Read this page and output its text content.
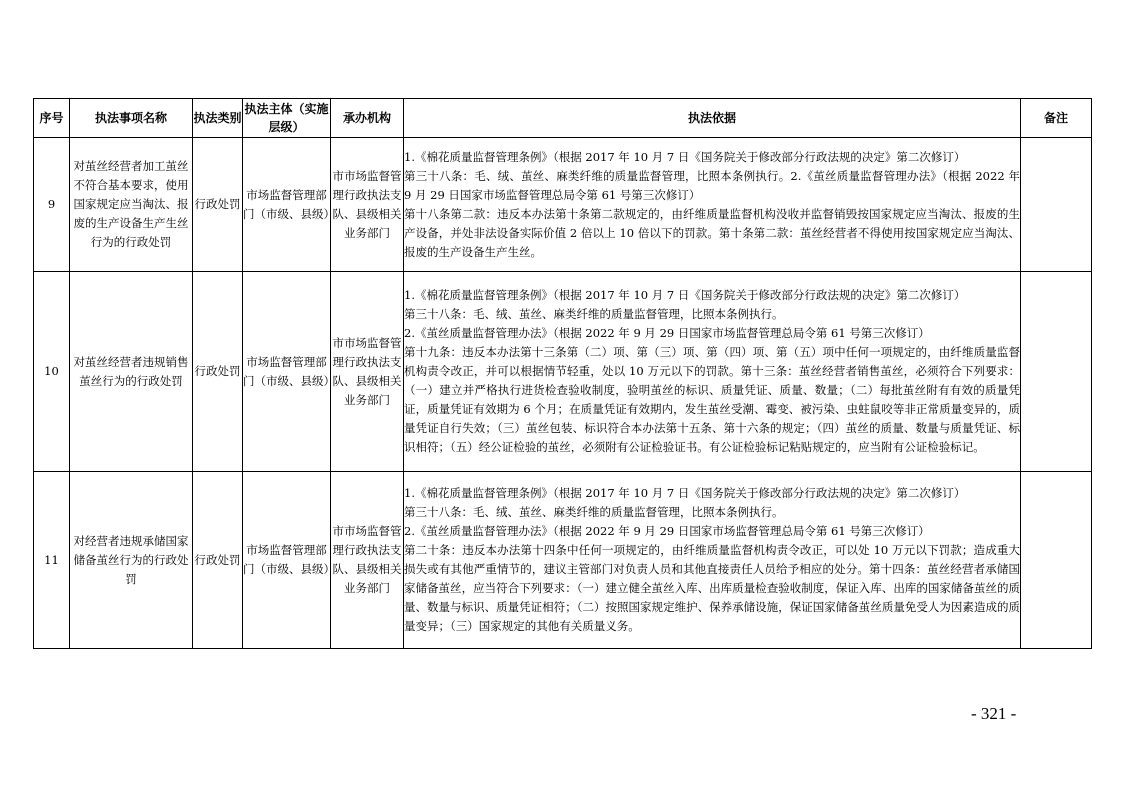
序号	执法事项名称	执法类别	执法主体（实施层级）	承办机构	执法依据	备注
9	对茧丝经营者加工茧丝不符合基本要求，使用国家规定应当淘汰、报废的生产设备生产生丝行为的行政处罚	行政处罚	市场监督管理部门（市级、县级）	市市场监督管理行政执法支队、县级相关业务部门	1.《棉花质量监督管理条例》（根据 2017 年 10 月 7 日《国务院关于修改部分行政法规的决定》第二次修订）
第三十八条：毛、绒、茧丝、麻类纤维的质量监督管理，比照本条例执行。2.《茧丝质量监督管理办法》（根据 2022 年 9 月 29 日国家市场监督管理总局令第 61 号第三次修订）
第十八条第二款：违反本办法第十条第二款规定的，由纤维质量监督机构没收并监督销毁按国家规定应当淘汰、报废的生产设备，并处非法设备实际价值 2 倍以上 10 倍以下的罚款。第十条第二款：茧丝经营者不得使用按国家规定应当淘汰、报废的生产设备生产生丝。	

10	对茧丝经营者违规销售茧丝行为的行政处罚	行政处罚	市场监督管理部门（市级、县级）	市市场监督管理行政执法支队、县级相关业务部门	1.《棉花质量监督管理条例》（根据 2017 年 10 月 7 日《国务院关于修改部分行政法规的决定》第二次修订）
第三十八条：毛、绒、茧丝、麻类纤维的质量监督管理，比照本条例执行。
2.《茧丝质量监督管理办法》（根据 2022 年 9 月 29 日国家市场监督管理总局令第 61 号第三次修订）
第十九条：违反本办法第十三条第（二）项、第（三）项、第（四）项、第（五）项中任何一项规定的，由纤维质量监督机构责令改正，并可以根据情节轻重，处以 10 万元以下的罚款。第十三条：茧丝经营者销售茧丝，必须符合下列要求：（一）建立并严格执行进货检查验收制度，验明茧丝的标识、质量凭证、质量、数量；（二）每批茧丝附有有效的质量凭证，质量凭证有效期为 6 个月；在质量凭证有效期内，发生茧丝受潮、霉变、被污染、虫蛀鼠咬等非正常质量变异的，质量凭证自行失效；（三）茧丝包装、标识符合本办法第十五条、第十六条的规定；（四）茧丝的质量、数量与质量凭证、标识相符；（五）经公证检验的茧丝，必须附有公证检验证书。有公证检验标记粘贴规定的，应当附有公证检验标记。	

11	对经营者违规承储国家储备茧丝行为的行政处罚	行政处罚	市场监督管理部门（市级、县级）	市市场监督管理行政执法支队、县级相关业务部门	1.《棉花质量监督管理条例》（根据 2017 年 10 月 7 日《国务院关于修改部分行政法规的决定》第二次修订）
第三十八条：毛、绒、茧丝、麻类纤维的质量监督管理，比照本条例执行。
2.《茧丝质量监督管理办法》（根据 2022 年 9 月 29 日国家市场监督管理总局令第 61 号第三次修订）
第二十条：违反本办法第十四条中任何一项规定的，由纤维质量监督机构责令改正，可以处 10 万元以下罚款；造成重大损失或有其他严重情节的，建议主管部门对负责人员和其他直接责任人员给予相应的处分。第十四条：茧丝经营者承储国家储备茧丝，应当符合下列要求：（一）建立健全茧丝入库、出库质量检查验收制度，保证入库、出库的国家储备茧丝的质量、数量与标识、质量凭证相符；（二）按照国家规定维护、保养承储设施，保证国家储备茧丝质量免受人为因素造成的质量变异；（三）国家规定的其他有关质量义务。	

- 321 -
